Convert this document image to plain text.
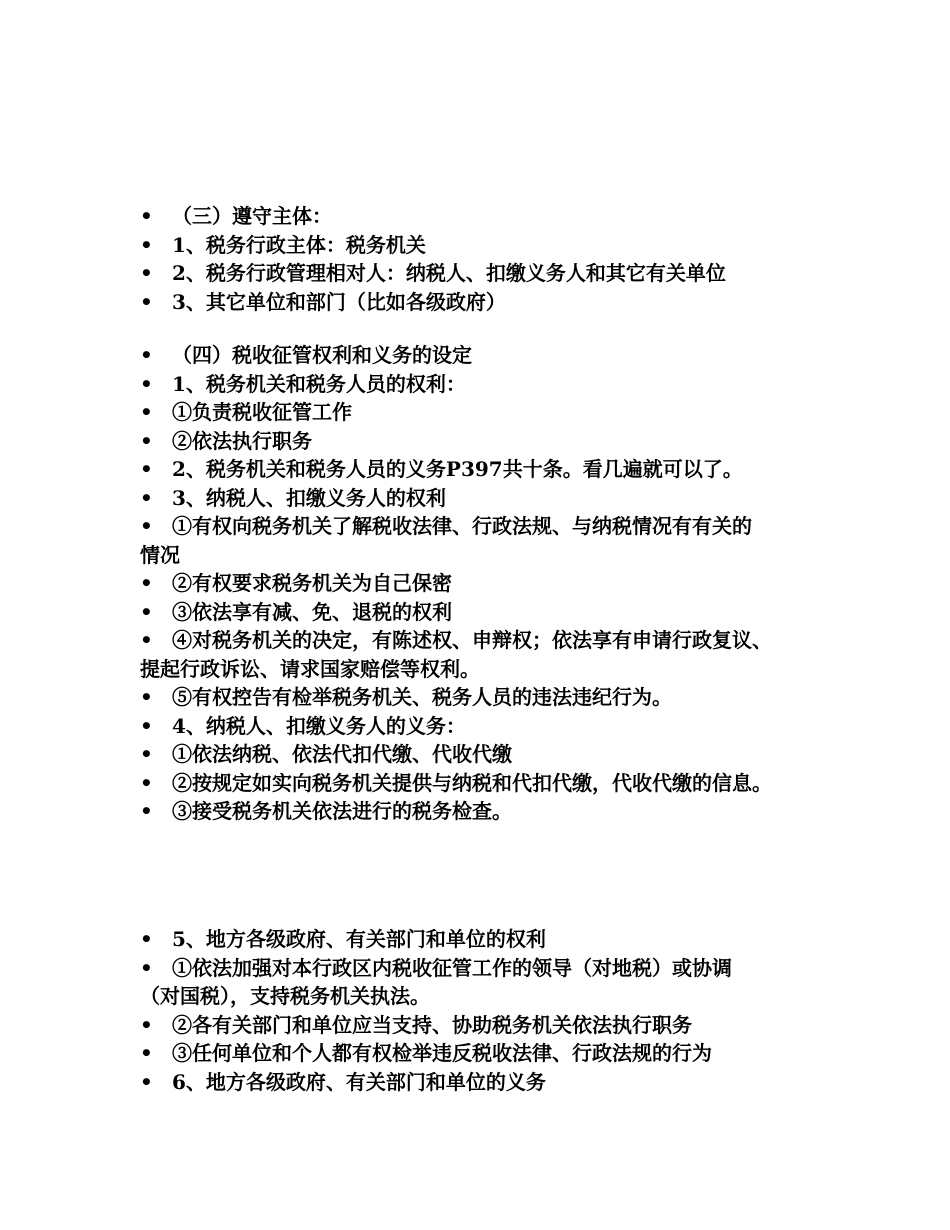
• （三）遵守主体：
• 1、税务行政主体：税务机关
• 2、税务行政管理相对人：纳税人、扣缴义务人和其它有关单位
• 3、其它单位和部门（比如各级政府）
• （四）税收征管权利和义务的设定
• 1、税务机关和税务人员的权利：
• ①负责税收征管工作
• ②依法执行职务
• 2、税务机关和税务人员的义务P397共十条。看几遍就可以了。
• 3、纳税人、扣缴义务人的权利
• ①有权向税务机关了解税收法律、行政法规、与纳税情况有有关的
情况
• ②有权要求税务机关为自己保密
• ③依法享有减、免、退税的权利
• ④对税务机关的决定，有陈述权、申辩权；依法享有申请行政复议、
提起行政诉讼、请求国家赔偿等权利。
• ⑤有权控告有检举税务机关、税务人员的违法违纪行为。
• 4、纳税人、扣缴义务人的义务：
• ①依法纳税、依法代扣代缴、代收代缴
• ②按规定如实向税务机关提供与纳税和代扣代缴，代收代缴的信息。
• ③接受税务机关依法进行的税务检查。
• 5、地方各级政府、有关部门和单位的权利
• ①依法加强对本行政区内税收征管工作的领导（对地税）或协调
（对国税），支持税务机关执法。
• ②各有关部门和单位应当支持、协助税务机关依法执行职务
• ③任何单位和个人都有权检举违反税收法律、行政法规的行为
• 6、地方各级政府、有关部门和单位的义务
